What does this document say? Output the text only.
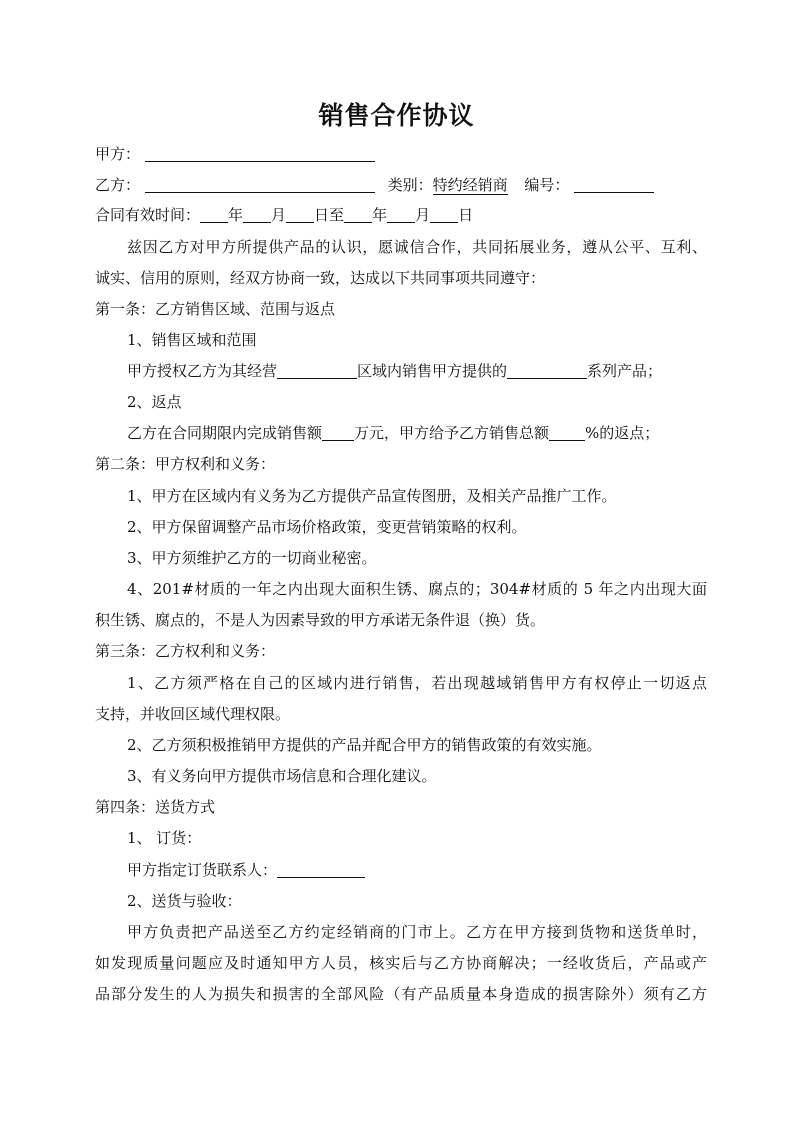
销售合作协议
甲方：
乙方：	类别：特约经销商 编号：
合同有效时间： 年 月 日至 年 月 日
兹因乙方对甲方所提供产品的认识，愿诚信合作，共同拓展业务，遵从公平、互利、
诚实、信用的原则，经双方协商一致，达成以下共同事项共同遵守：
第一条：乙方销售区域、范围与返点
1、销售区域和范围
甲方授权乙方为其经营	区域内销售甲方提供的	系列产品；
2、返点
乙方在合同期限内完成销售额 万元，甲方给予乙方销售总额 %的返点；
第二条：甲方权利和义务：
1、甲方在区域内有义务为乙方提供产品宣传图册，及相关产品推广工作。
2、甲方保留调整产品市场价格政策，变更营销策略的权利。
3、甲方须维护乙方的一切商业秘密。
4、201#材质的一年之内出现大面积生锈、腐点的；304#材质的 5 年之内出现大面
积生锈、腐点的，不是人为因素导致的甲方承诺无条件退（换）货。
第三条：乙方权利和义务：
1、乙方须严格在自己的区域内进行销售，若出现越域销售甲方有权停止一切返点
支持，并收回区域代理权限。
2、乙方须积极推销甲方提供的产品并配合甲方的销售政策的有效实施。
3、有义务向甲方提供市场信息和合理化建议。
第四条：送货方式
1、 订货：
甲方指定订货联系人：
2、送货与验收：
甲方负责把产品送至乙方约定经销商的门市上。乙方在甲方接到货物和送货单时，
如发现质量问题应及时通知甲方人员，核实后与乙方协商解决；一经收货后，产品或产
品部分发生的人为损失和损害的全部风险（有产品质量本身造成的损害除外）须有乙方
